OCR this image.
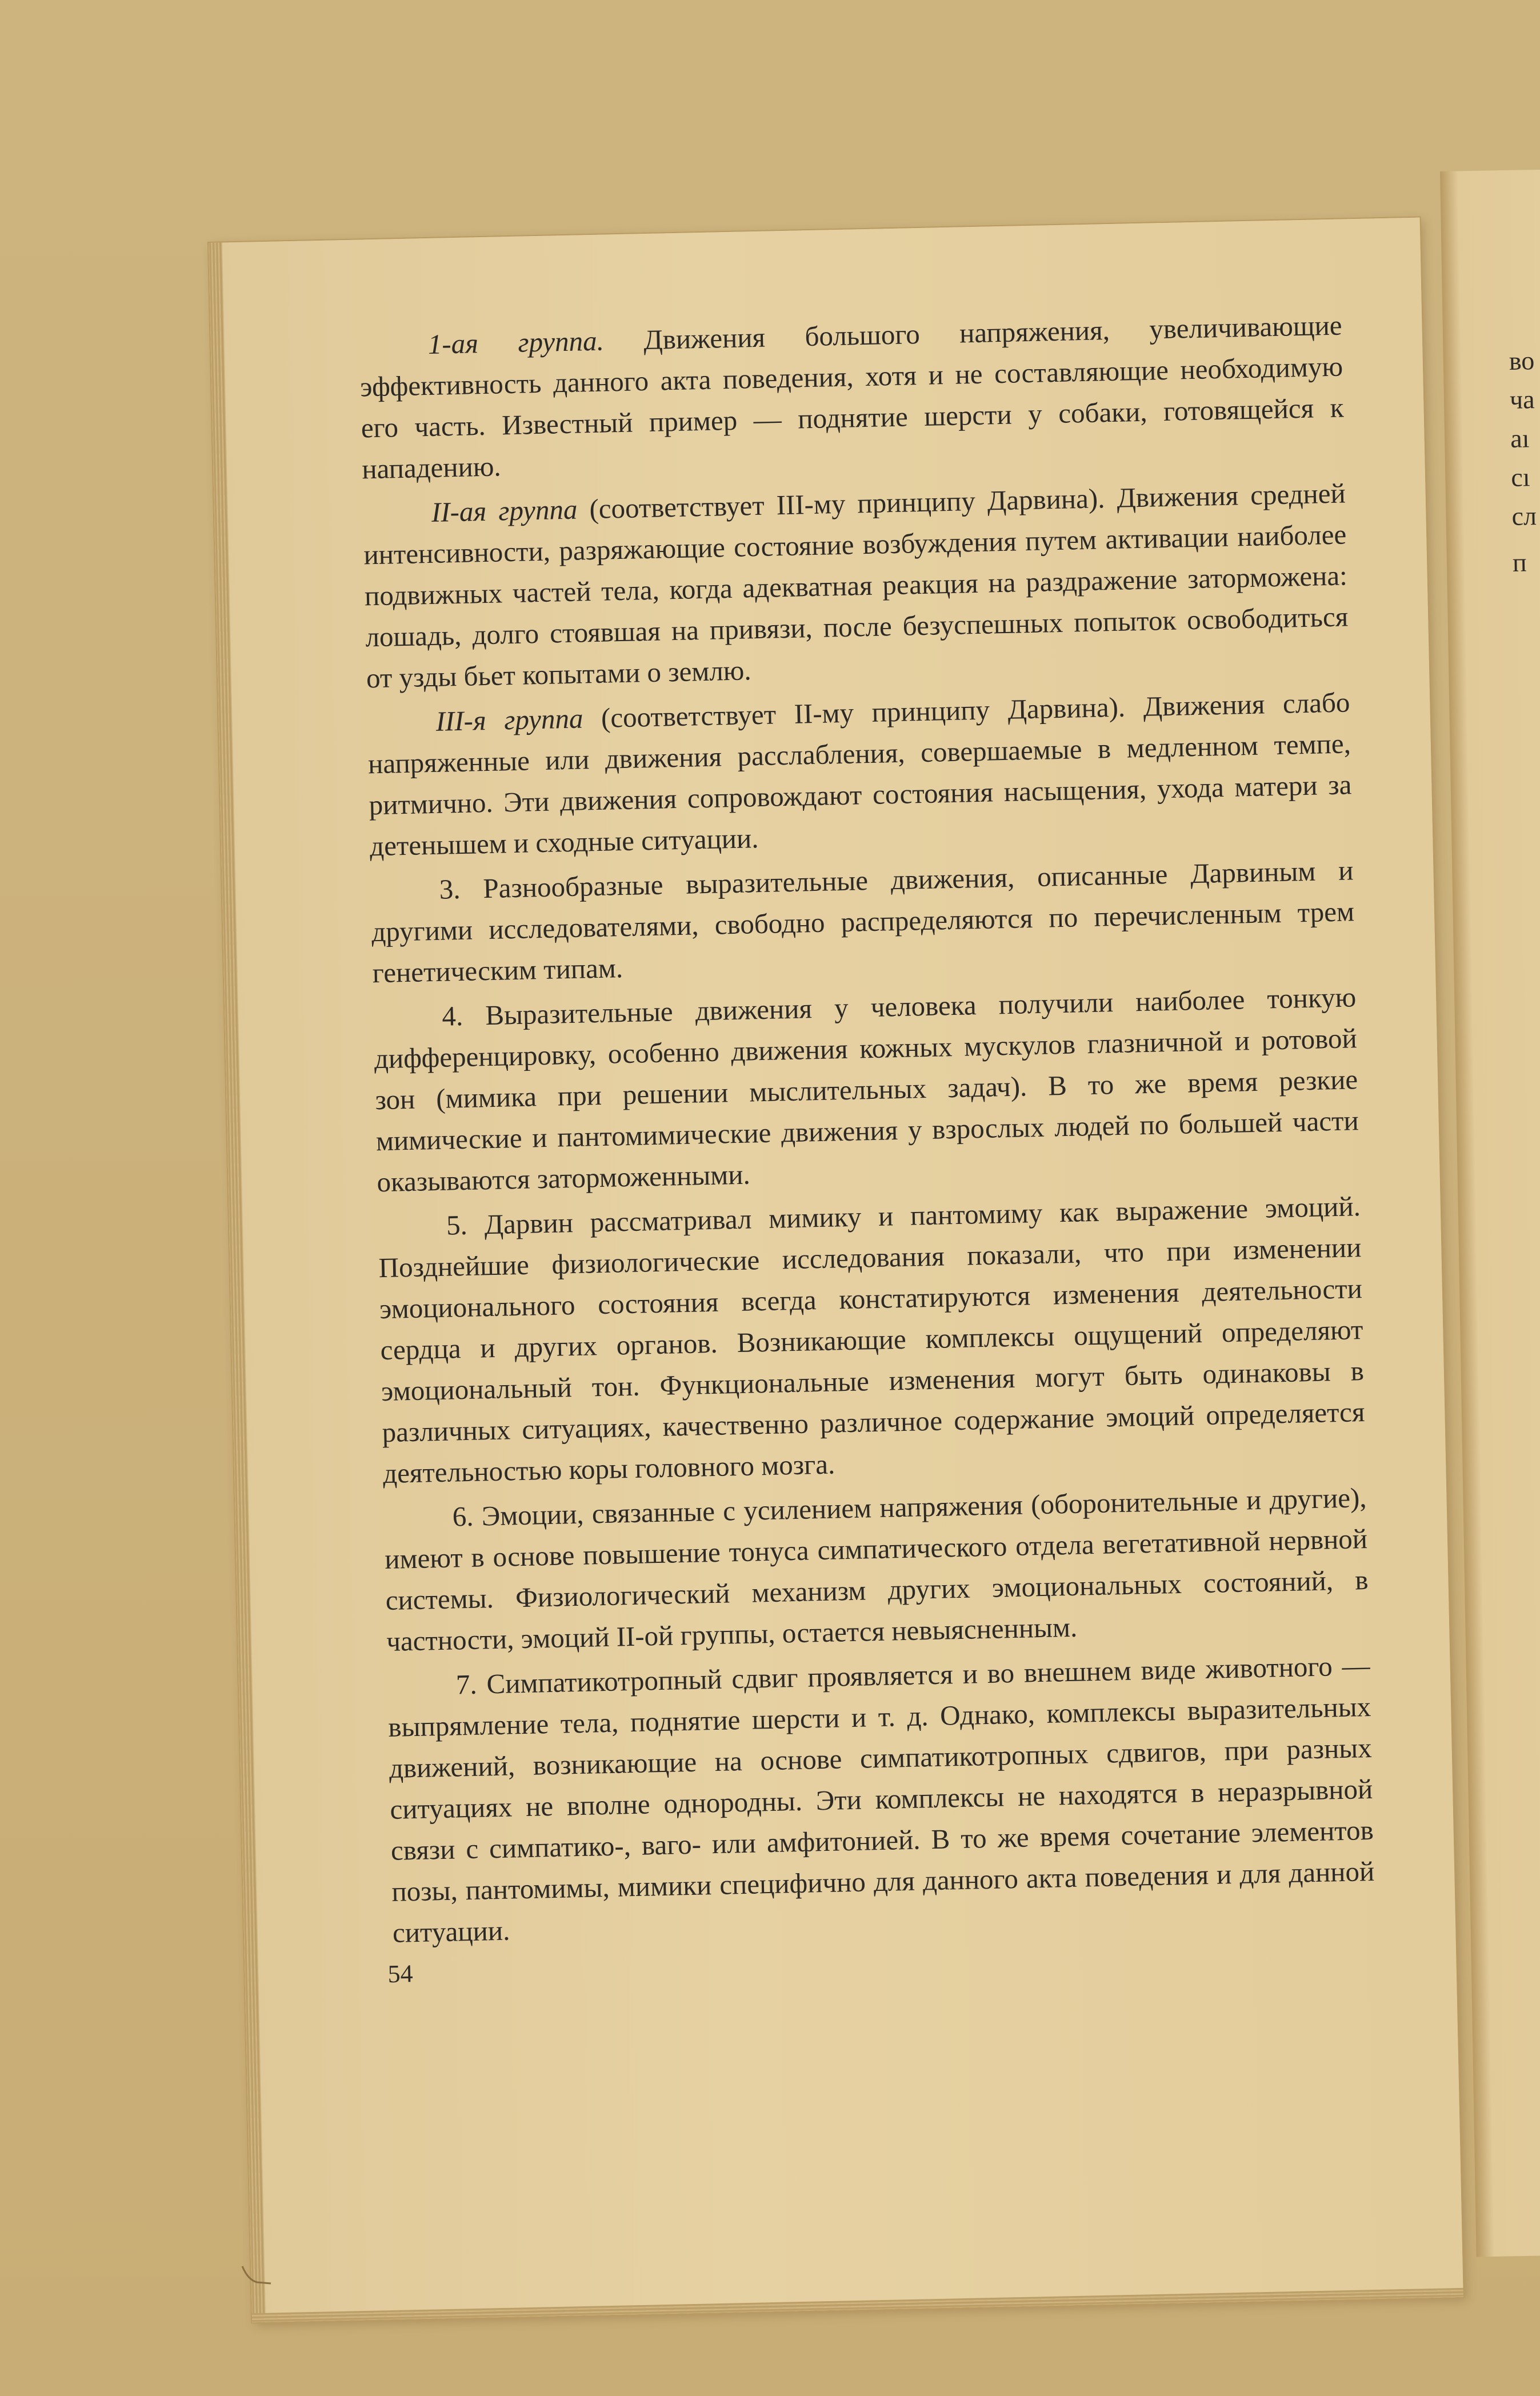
во
ча
аı
сı
сл
п

1-ая группа. Движения большого напряжения, увеличивающие эффективность данного акта поведения, хотя и не составляющие необходимую его часть. Известный пример — поднятие шерсти у собаки, готовящейся к нападению.

II-ая группа (соответствует III-му принципу Дарвина). Движения средней интенсивности, разряжающие состояние возбуждения путем активации наиболее подвижных частей тела, когда адекватная реакция на раздражение заторможена: лошадь, долго стоявшая на привязи, после безуспешных попыток освободиться от узды бьет копытами о землю.

III-я группа (соответствует II-му принципу Дарвина). Движения слабо напряженные или движения расслабления, совершаемые в медленном темпе, ритмично. Эти движения сопровождают состояния насыщения, ухода матери за детенышем и сходные ситуации.

3. Разнообразные выразительные движения, описанные Дарвиным и другими исследователями, свободно распределяются по перечисленным трем генетическим типам.

4. Выразительные движения у человека получили наиболее тонкую дифференцировку, особенно движения кожных мускулов глазничной и ротовой зон (мимика при решении мыслительных задач). В то же время резкие мимические и пантомимические движения у взрослых людей по большей части оказываются заторможенными.

5. Дарвин рассматривал мимику и пантомиму как выражение эмоций. Позднейшие физиологические исследования показали, что при изменении эмоционального состояния всегда констатируются изменения деятельности сердца и других органов. Возникающие комплексы ощущений определяют эмоциональный тон. Функциональные изменения могут быть одинаковы в различных ситуациях, качественно различное содержание эмоций определяется деятельностью коры головного мозга.

6. Эмоции, связанные с усилением напряжения (оборонительные и другие), имеют в основе повышение тонуса симпатического отдела вегетативной нервной системы. Физиологический механизм других эмоциональных состояний, в частности, эмоций II-ой группы, остается невыясненным.

7. Симпатикотропный сдвиг проявляется и во внешнем виде животного — выпрямление тела, поднятие шерсти и т. д. Однако, комплексы выразительных движений, возникающие на основе симпатикотропных сдвигов, при разных ситуациях не вполне однородны. Эти комплексы не находятся в неразрывной связи с симпатико-, ваго- или амфитонией. В то же время сочетание элементов позы, пантомимы, мимики специфично для данного акта поведения и для данной ситуации.

54
